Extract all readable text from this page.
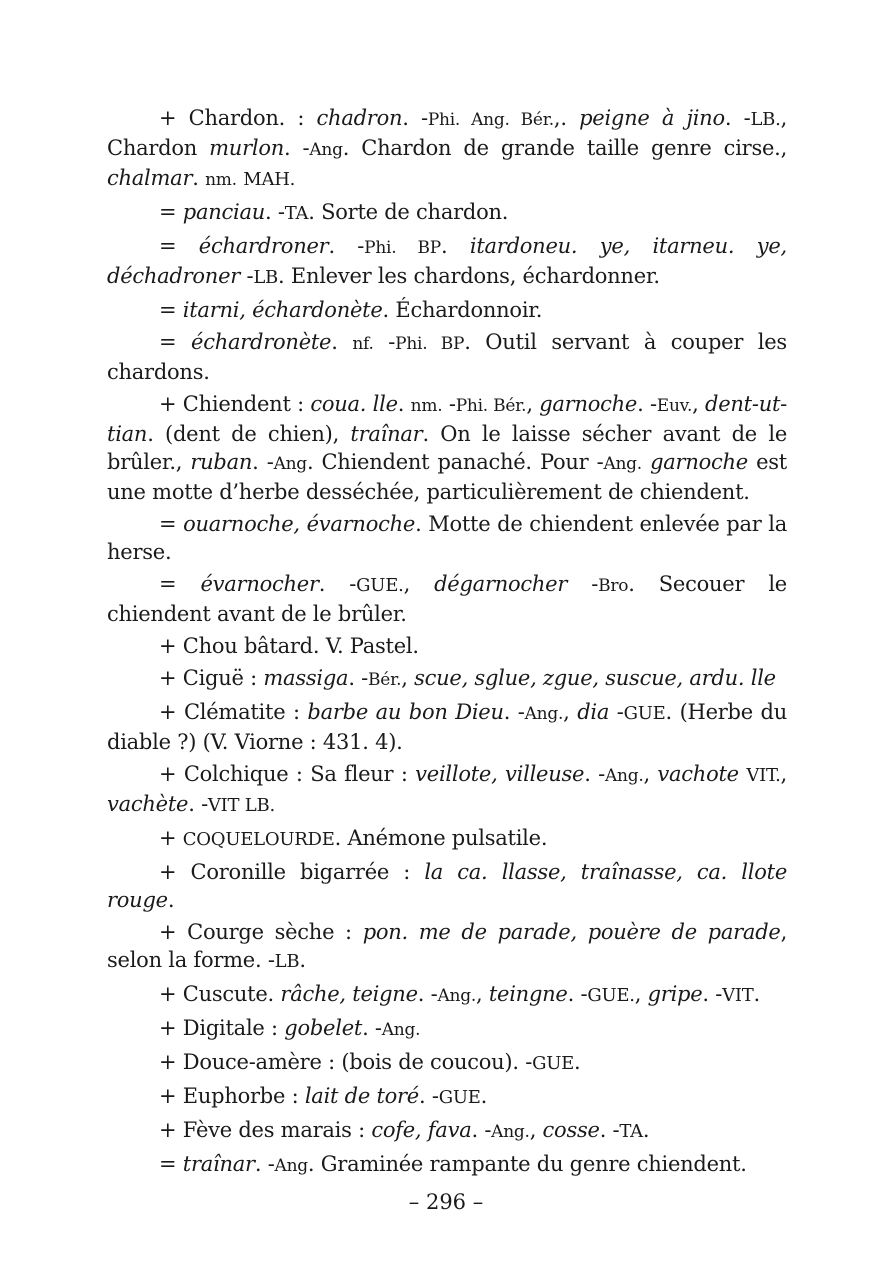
+ Chardon. : chadron. -Phi. Ang. Bér.,. peigne à jino. -LB., Chardon murlon. -Ang. Chardon de grande taille genre cirse., chalmar. nm. MAH.

= panciau. -TA. Sorte de chardon.

= échardroner. -Phi. BP. itardoneu. ye, itarneu. ye, déchadroner -LB. Enlever les chardons, échardonner.

= itarni, échardonète. Échardonnoir.

= échardronète. nf. -Phi. BP. Outil servant à couper les chardons.

+ Chiendent : coua. lle. nm. -Phi. Bér., garnoche. -Euv., dent-ut-tian. (dent de chien), traînar. On le laisse sécher avant de le brûler., ruban. -Ang. Chiendent panaché. Pour -Ang. garnoche est une motte d’herbe desséchée, particulièrement de chiendent.

= ouarnoche, évarnoche. Motte de chiendent enlevée par la herse.

= évarnocher. -GUE., dégarnocher -Bro. Secouer le chiendent avant de le brûler.

+ Chou bâtard. V. Pastel.

+ Ciguë : massiga. -Bér., scue, sglue, zgue, suscue, ardu. lle

+ Clématite : barbe au bon Dieu. -Ang., dia -GUE. (Herbe du diable ?) (V. Viorne : 431. 4).

+ Colchique : Sa fleur : veillote, villeuse. -Ang., vachote VIT., vachète. -VIT LB.

+ COQUELOURDE. Anémone pulsatile.

+ Coronille bigarrée : la ca. llasse, traînasse, ca. llote rouge.

+ Courge sèche : pon. me de parade, pouère de parade, selon la forme. -LB.

+ Cuscute. râche, teigne. -Ang., teingne. -GUE., gripe. -VIT.

+ Digitale : gobelet. -Ang.

+ Douce-amère : (bois de coucou). -GUE.

+ Euphorbe : lait de toré. -GUE.

+ Fève des marais : cofe, fava. -Ang., cosse. -TA.

= traînar. -Ang. Graminée rampante du genre chiendent.

– 296 –
